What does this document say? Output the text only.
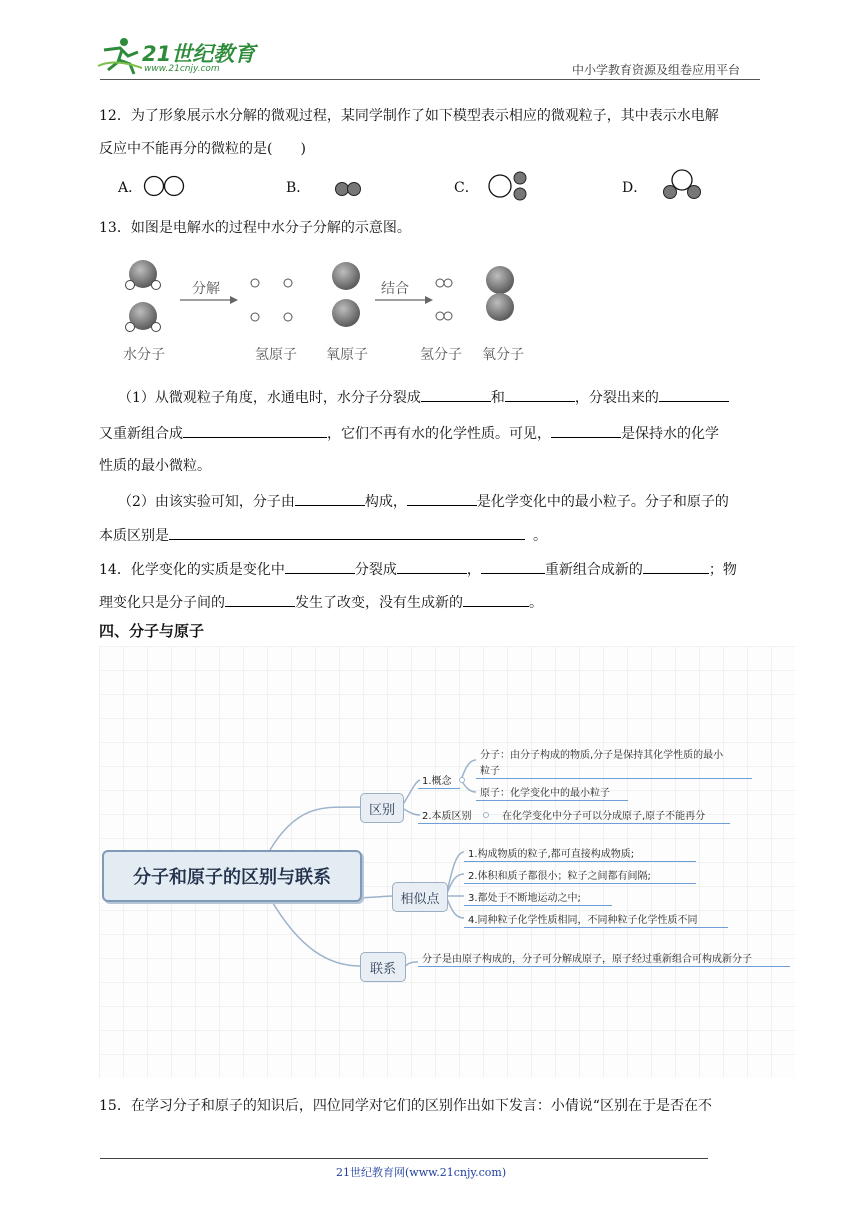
21世纪教育
www.21cnjy.com	中小学教育资源及组卷应用平台
12．为了形象展示水分解的微观过程，某同学制作了如下模型表示相应的微观粒子，其中表示水电解
反应中不能再分的微粒的是(　　)
A．	B．	C．	D．
13．如图是电解水的过程中水分子分解的示意图。
分解	结合
水分子	氢原子 氧原子	氢分子 氧分子
（1）从微观粒子角度，水通电时，水分子分裂成	和	，分裂出来的
又重新组合成	，它们不再有水的化学性质。可见，	是保持水的化学
性质的最小微粒。
（2）由该实验可知，分子由	构成，	是化学变化中的最小粒子。分子和原子的
本质区别是	。
14．化学变化的实质是变化中	分裂成	，	重新组合成新的	；物
理变化只是分子间的	发生了改变，没有生成新的	。
四、分子与原子
分子和原子的区别与联系
区别
相似点
联系
1.概念
分子：由分子构成的物质,分子是保持其化学性质的最小
粒子
原子：化学变化中的最小粒子
2.本质区别	在化学变化中分子可以分成原子,原子不能再分
1.构成物质的粒子,都可直接构成物质;
2.体积和质子都很小；粒子之间都有间隔;
3.都处于不断地运动之中;
4.同种粒子化学性质相同，不同种粒子化学性质不同
分子是由原子构成的，分子可分解成原子，原子经过重新组合可构成新分子
15．在学习分子和原子的知识后，四位同学对它们的区别作出如下发言：小倩说“区别在于是否在不
21世纪教育网(www.21cnjy.com)
